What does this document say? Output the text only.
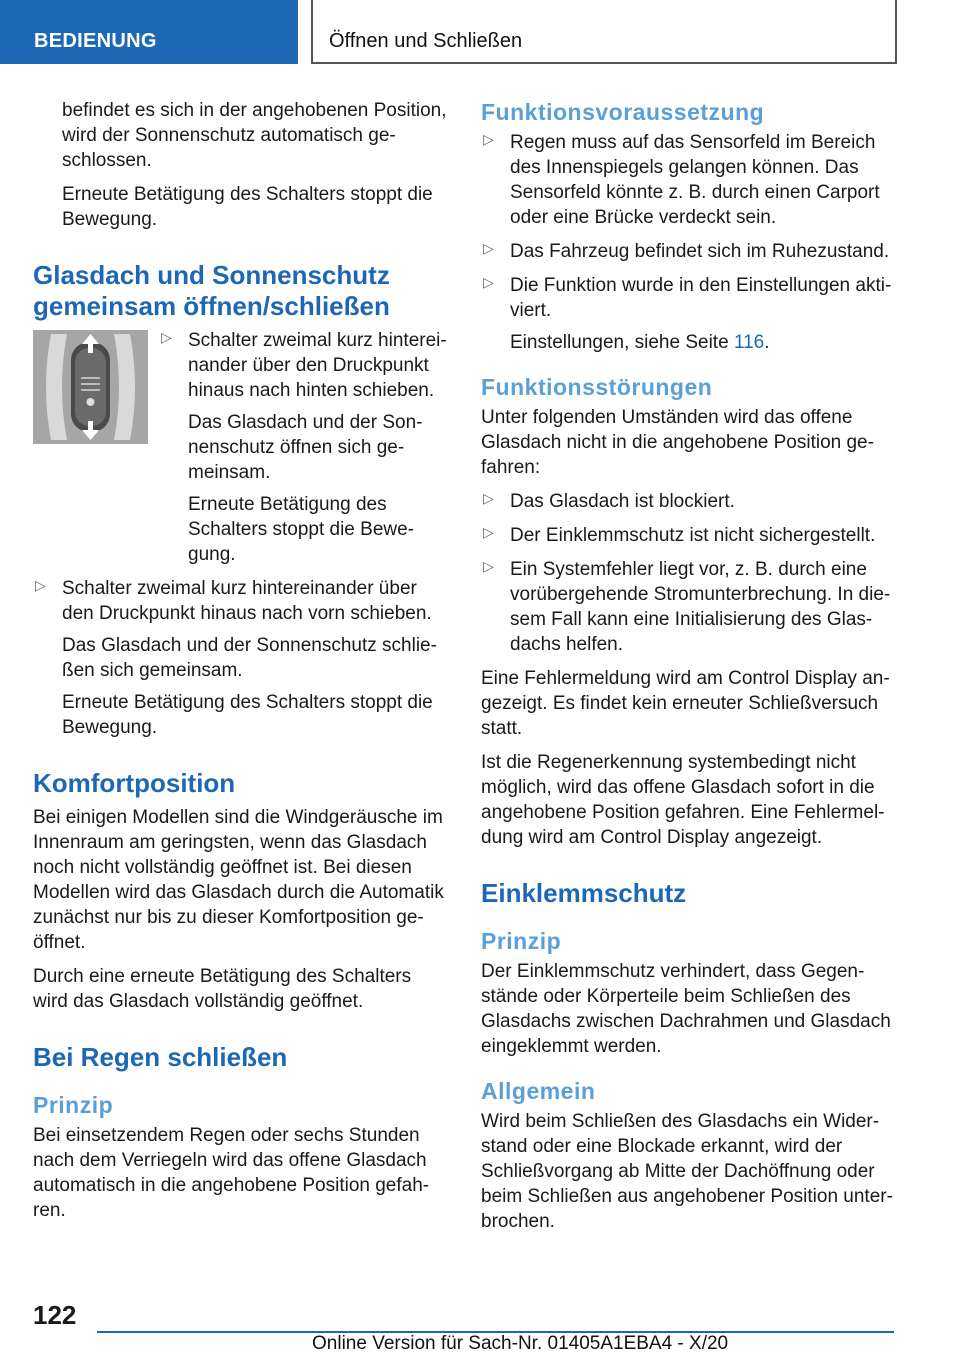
BEDIENUNG	Öffnen und Schließen

befindet es sich in der angehobenen Position, wird der Sonnenschutz automatisch ge- schlossen.

Erneute Betätigung des Schalters stoppt die Bewegung.

Glasdach und Sonnenschutz gemeinsam öffnen/schließen
▷ Schalter zweimal kurz hinterei- nander über den Druckpunkt hinaus nach hinten schieben.

Das Glasdach und der Son- nenschutz öffnen sich ge- meinsam.

Erneute Betätigung des Schalters stoppt die Bewe- gung.

▷ Schalter zweimal kurz hintereinander über den Druckpunkt hinaus nach vorn schieben.

Das Glasdach und der Sonnenschutz schlie- ßen sich gemeinsam.

Erneute Betätigung des Schalters stoppt die Bewegung.

Komfortposition

Bei einigen Modellen sind die Windgeräusche im Innenraum am geringsten, wenn das Glasdach noch nicht vollständig geöffnet ist. Bei diesen Modellen wird das Glasdach durch die Automatik zunächst nur bis zu dieser Komfortposition ge- öffnet.

Durch eine erneute Betätigung des Schalters wird das Glasdach vollständig geöffnet.

Bei Regen schließen
Prinzip

Bei einsetzendem Regen oder sechs Stunden nach dem Verriegeln wird das offene Glasdach automatisch in die angehobene Position gefah- ren.

Funktionsvoraussetzung
▷ Regen muss auf das Sensorfeld im Bereich des Innenspiegels gelangen können. Das Sensorfeld könnte z. B. durch einen Carport oder eine Brücke verdeckt sein.

▷ Das Fahrzeug befindet sich im Ruhezustand.

▷ Die Funktion wurde in den Einstellungen akti- viert.

Einstellungen, siehe Seite 116.

Funktionsstörungen

Unter folgenden Umständen wird das offene Glasdach nicht in die angehobene Position ge- fahren:

▷ Das Glasdach ist blockiert.

▷ Der Einklemmschutz ist nicht sichergestellt.

▷ Ein Systemfehler liegt vor, z. B. durch eine vorübergehende Stromunterbrechung. In die- sem Fall kann eine Initialisierung des Glas- dachs helfen.

Eine Fehlermeldung wird am Control Display an- gezeigt. Es findet kein erneuter Schließversuch statt.

Ist die Regenerkennung systembedingt nicht möglich, wird das offene Glasdach sofort in die angehobene Position gefahren. Eine Fehlermel- dung wird am Control Display angezeigt.

Einklemmschutz
Prinzip

Der Einklemmschutz verhindert, dass Gegen- stände oder Körperteile beim Schließen des Glasdachs zwischen Dachrahmen und Glasdach eingeklemmt werden.

Allgemein

Wird beim Schließen des Glasdachs ein Wider- stand oder eine Blockade erkannt, wird der Schließvorgang ab Mitte der Dachöffnung oder beim Schließen aus angehobener Position unter- brochen.

122
Online Version für Sach-Nr. 01405A1EBA4 - X/20
